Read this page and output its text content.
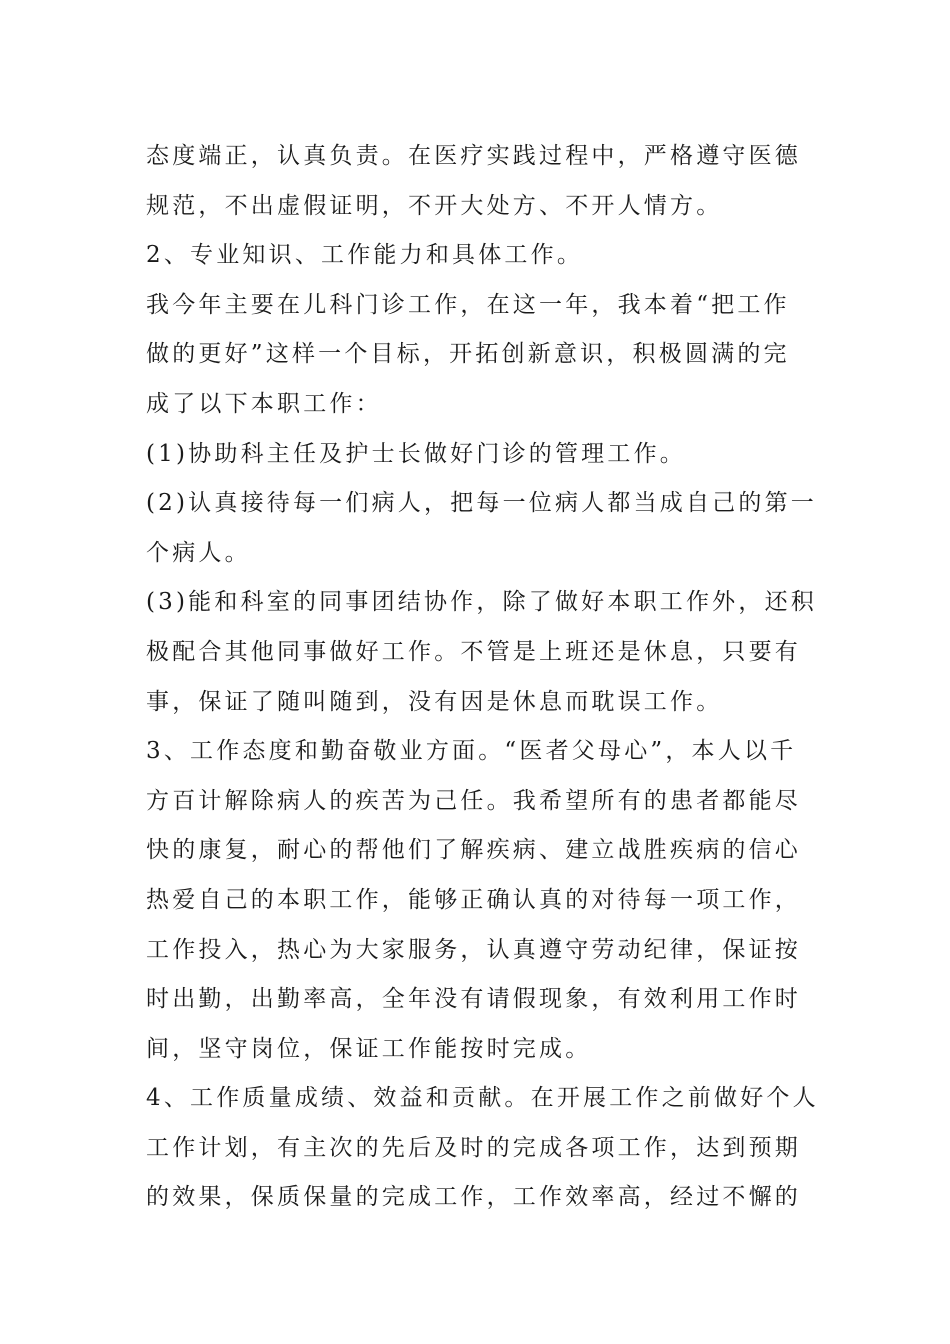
态度端正，认真负责。在医疗实践过程中，严格遵守医德
规范，不出虚假证明，不开大处方、不开人情方。
2、专业知识、工作能力和具体工作。
我今年主要在儿科门诊工作，在这一年，我本着“把工作
做的更好”这样一个目标，开拓创新意识，积极圆满的完
成了以下本职工作：
(1)协助科主任及护士长做好门诊的管理工作。
(2)认真接待每一们病人，把每一位病人都当成自己的第一
个病人。
(3)能和科室的同事团结协作，除了做好本职工作外，还积
极配合其他同事做好工作。不管是上班还是休息，只要有
事，保证了随叫随到，没有因是休息而耽误工作。
3、工作态度和勤奋敬业方面。“医者父母心”，本人以千
方百计解除病人的疾苦为己任。我希望所有的患者都能尽
快的康复，耐心的帮他们了解疾病、建立战胜疾病的信心
热爱自己的本职工作，能够正确认真的对待每一项工作，
工作投入，热心为大家服务，认真遵守劳动纪律，保证按
时出勤，出勤率高，全年没有请假现象，有效利用工作时
间，坚守岗位，保证工作能按时完成。
4、工作质量成绩、效益和贡献。在开展工作之前做好个人
工作计划，有主次的先后及时的完成各项工作，达到预期
的效果，保质保量的完成工作，工作效率高，经过不懈的
